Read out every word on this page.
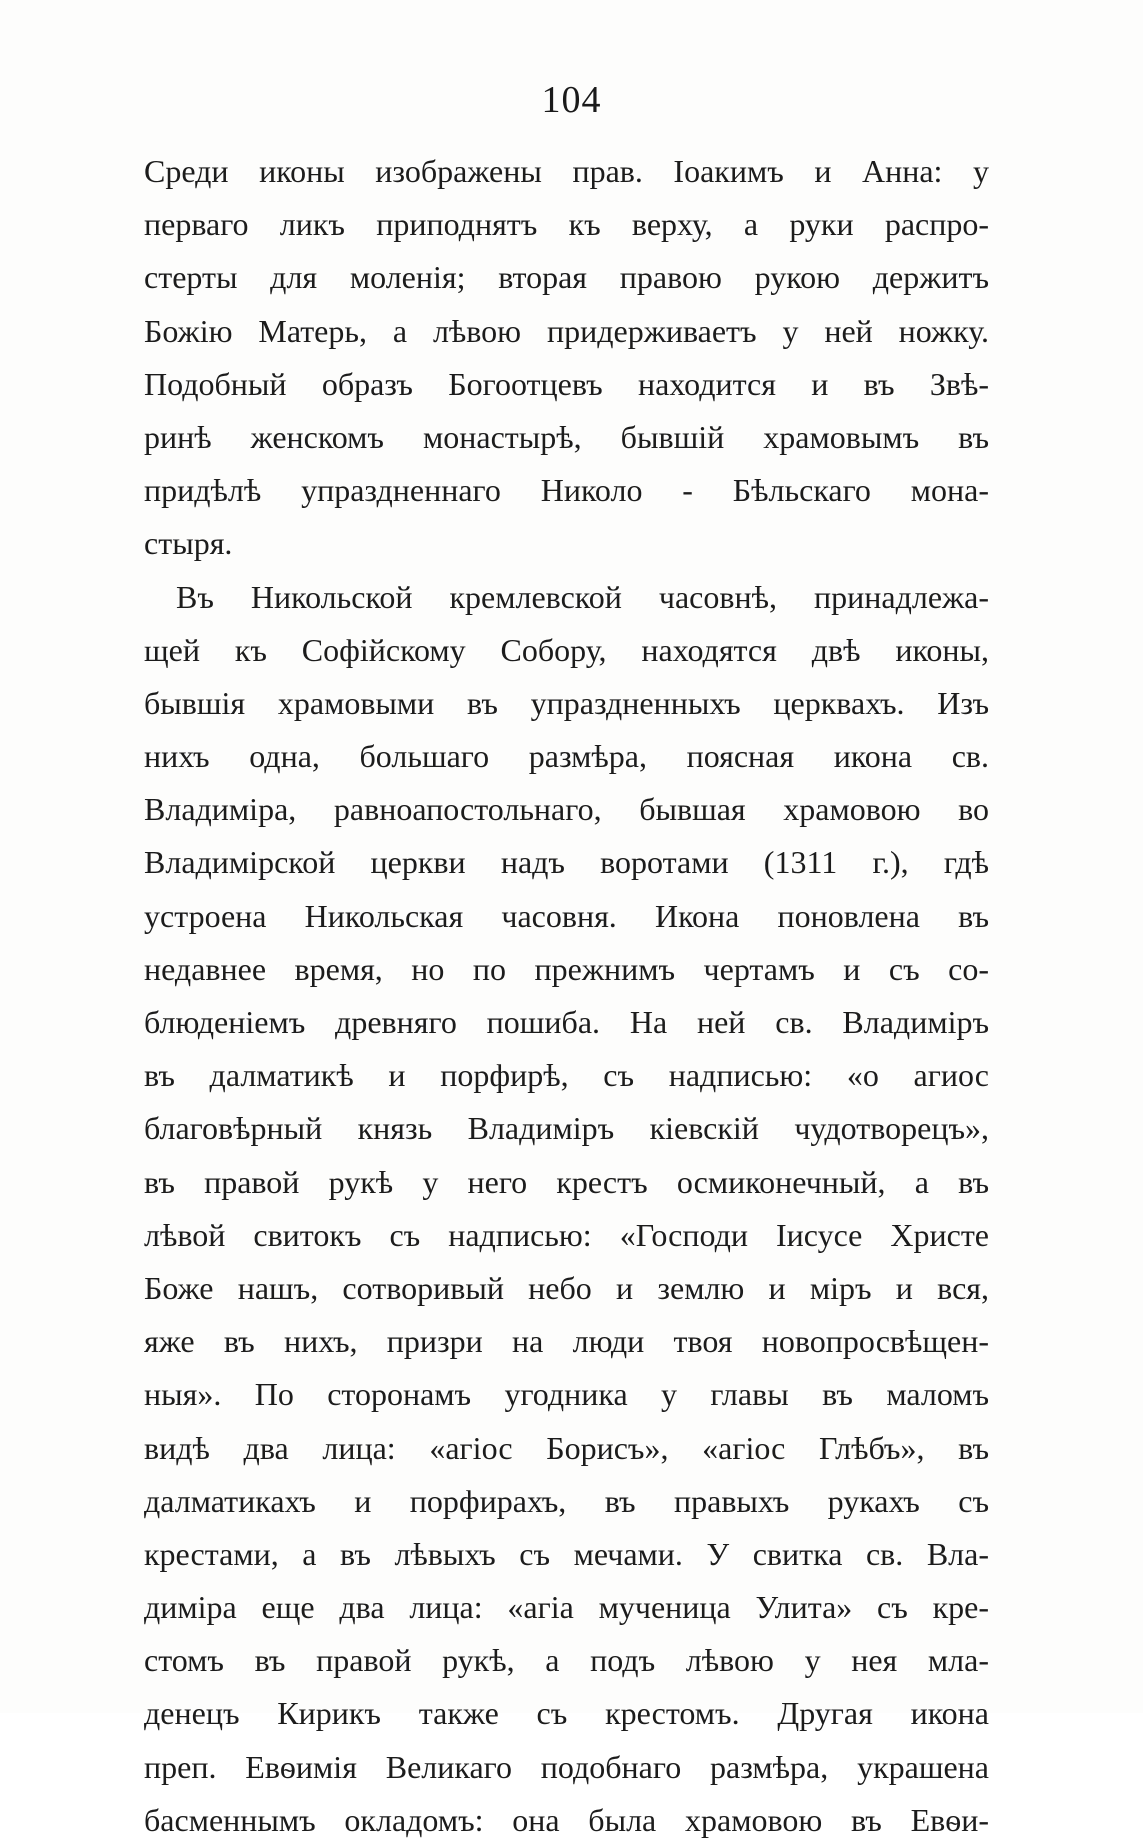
104
Среди иконы изображены прав. Іоакимъ и Анна: у
перваго ликъ приподнятъ къ верху, а руки распро-
стерты для моленія; вторая правою рукою держитъ
Божію Матерь, а лѣвою придерживаетъ у ней ножку.
Подобный образъ Богоотцевъ находится и въ Звѣ-
ринѣ женскомъ монастырѣ, бывшій храмовымъ въ
придѣлѣ упраздненнаго Николо - Бѣльскаго мона-
стыря.
Въ Никольской кремлевской часовнѣ, принадлежа-
щей къ Софійскому Собору, находятся двѣ иконы,
бывшія храмовыми въ упраздненныхъ церквахъ. Изъ
нихъ одна, большаго размѣра, поясная икона св.
Владиміра, равноапостольнаго, бывшая храмовою во
Владимірской церкви надъ воротами (1311 г.), гдѣ
устроена Никольская часовня. Икона поновлена въ
недавнее время, но по прежнимъ чертамъ и съ со-
блюденіемъ древняго пошиба. На ней св. Владиміръ
въ далматикѣ и порфирѣ, съ надписью: «о агиос
благовѣрный князь Владиміръ кіевскій чудотворецъ»,
въ правой рукѣ у него крестъ осмиконечный, а въ
лѣвой свитокъ съ надписью: «Господи Іисусе Христе
Боже нашъ, сотворивый небо и землю и міръ и вся,
яже въ нихъ, призри на люди твоя новопросвѣщен-
ныя». По сторонамъ угодника у главы въ маломъ
видѣ два лица: «агіос Борисъ», «агіос Глѣбъ», въ
далматикахъ и порфирахъ, въ правыхъ рукахъ съ
крестами, а въ лѣвыхъ съ мечами. У свитка св. Вла-
диміра еще два лица: «агіа мученица Улита» съ кре-
стомъ въ правой рукѣ, а подъ лѣвою у нея мла-
денецъ Кирикъ также съ крестомъ. Другая икона
преп. Евѳимія Великаго подобнаго размѣра, украшена
басменнымъ окладомъ: она была храмовою въ Евѳи-
